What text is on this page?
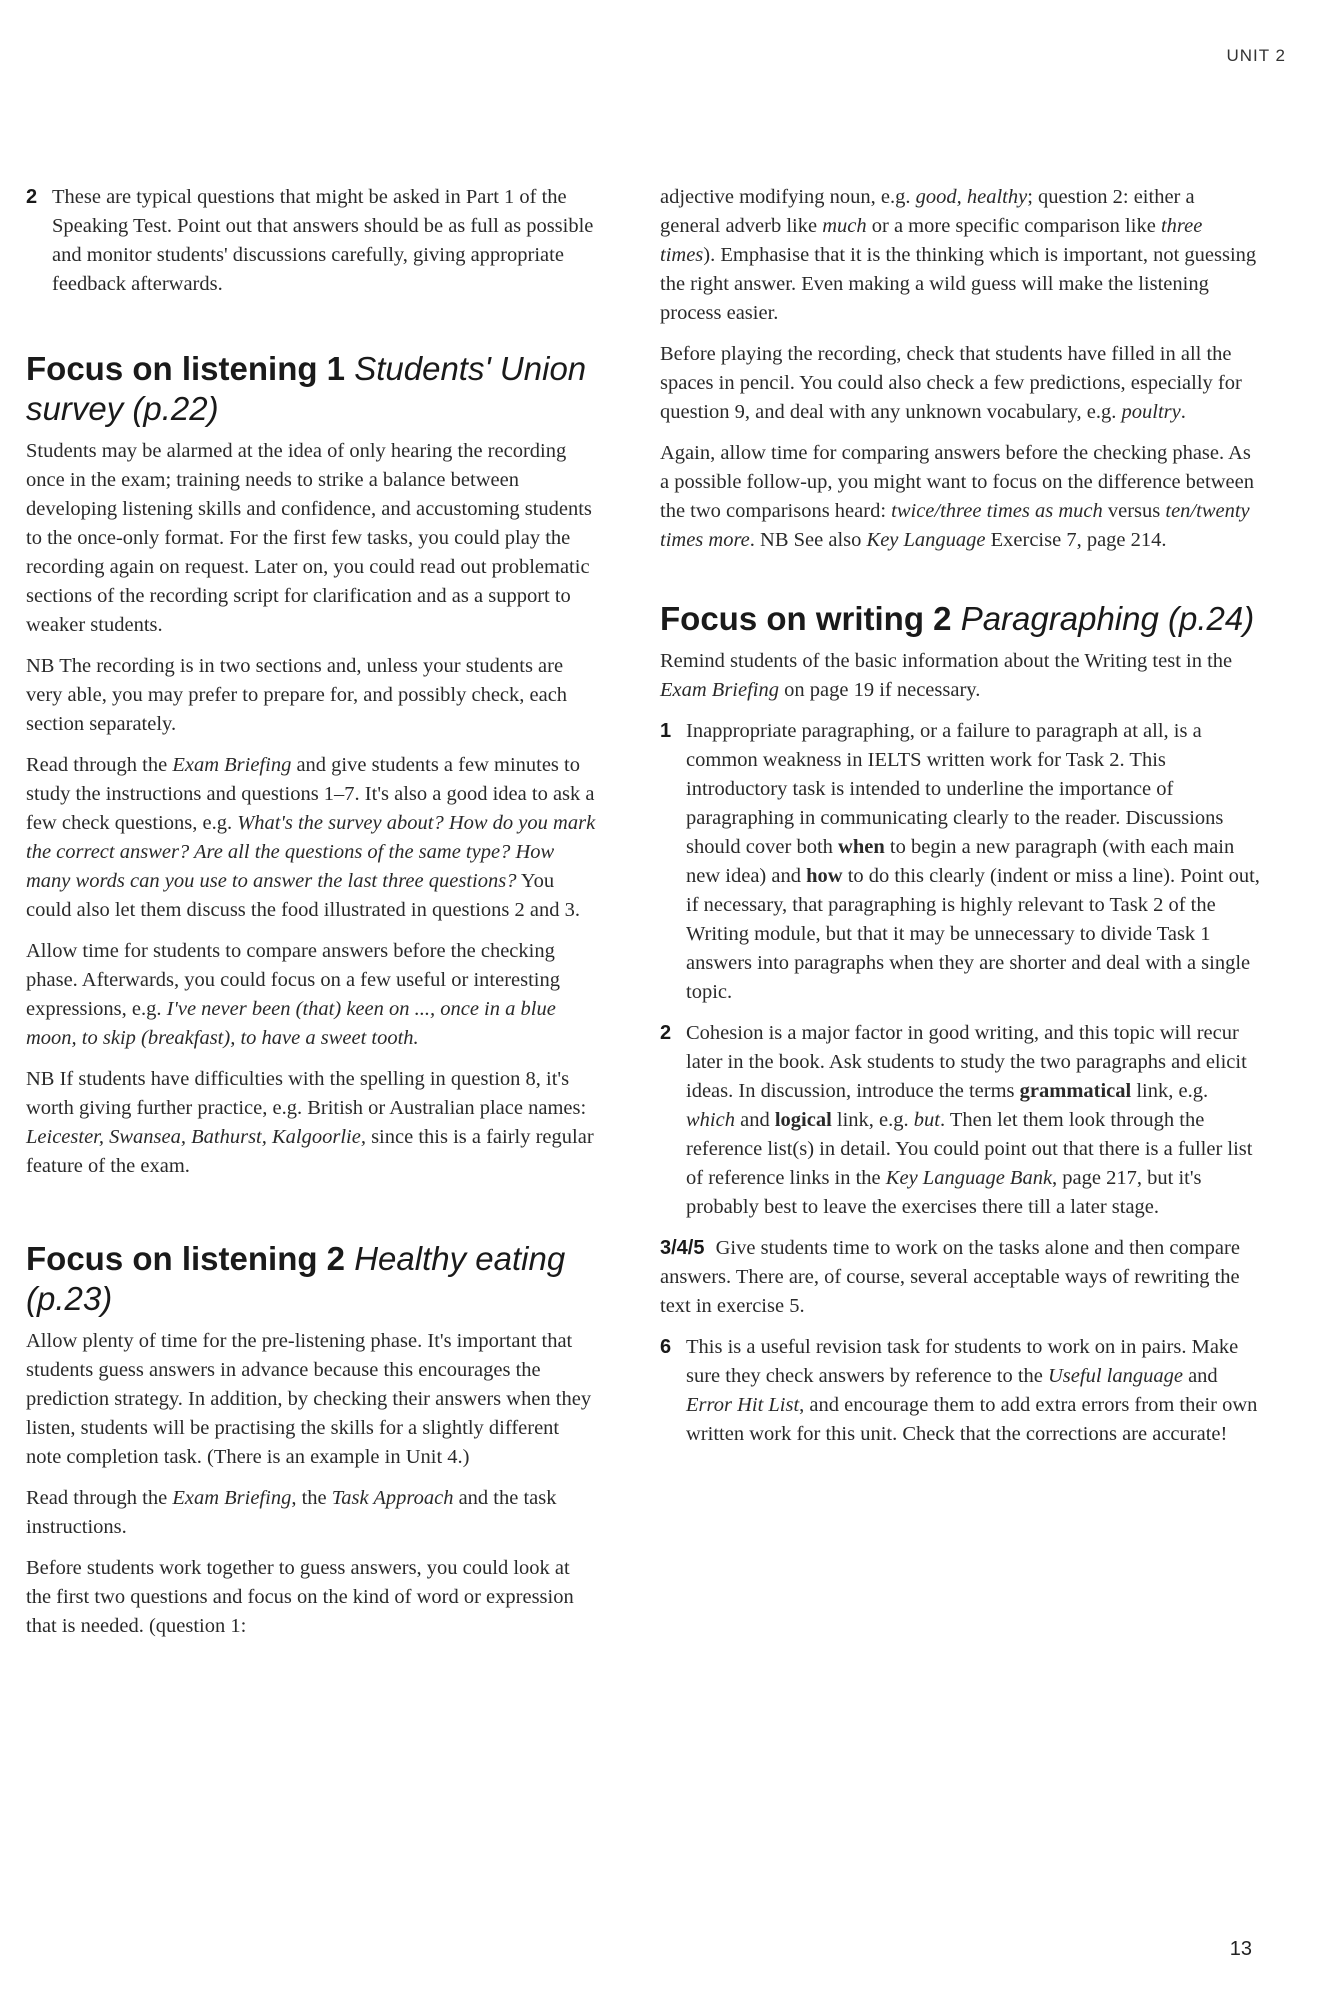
UNIT 2
2 These are typical questions that might be asked in Part 1 of the Speaking Test. Point out that answers should be as full as possible and monitor students' discussions carefully, giving appropriate feedback afterwards.
Focus on listening 1 Students' Union survey (p.22)

Students may be alarmed at the idea of only hearing the recording once in the exam; training needs to strike a balance between developing listening skills and confidence, and accustoming students to the once-only format. For the first few tasks, you could play the recording again on request. Later on, you could read out problematic sections of the recording script for clarification and as a support to weaker students.

NB The recording is in two sections and, unless your students are very able, you may prefer to prepare for, and possibly check, each section separately.

Read through the Exam Briefing and give students a few minutes to study the instructions and questions 1–7. It's also a good idea to ask a few check questions, e.g. What's the survey about? How do you mark the correct answer? Are all the questions of the same type? How many words can you use to answer the last three questions? You could also let them discuss the food illustrated in questions 2 and 3.

Allow time for students to compare answers before the checking phase. Afterwards, you could focus on a few useful or interesting expressions, e.g. I've never been (that) keen on ..., once in a blue moon, to skip (breakfast), to have a sweet tooth.

NB If students have difficulties with the spelling in question 8, it's worth giving further practice, e.g. British or Australian place names: Leicester, Swansea, Bathurst, Kalgoorlie, since this is a fairly regular feature of the exam.

Focus on listening 2 Healthy eating (p.23)

Allow plenty of time for the pre-listening phase. It's important that students guess answers in advance because this encourages the prediction strategy. In addition, by checking their answers when they listen, students will be practising the skills for a slightly different note completion task. (There is an example in Unit 4.)

Read through the Exam Briefing, the Task Approach and the task instructions.

Before students work together to guess answers, you could look at the first two questions and focus on the kind of word or expression that is needed. (question 1:

adjective modifying noun, e.g. good, healthy; question 2: either a general adverb like much or a more specific comparison like three times). Emphasise that it is the thinking which is important, not guessing the right answer. Even making a wild guess will make the listening process easier.

Before playing the recording, check that students have filled in all the spaces in pencil. You could also check a few predictions, especially for question 9, and deal with any unknown vocabulary, e.g. poultry.

Again, allow time for comparing answers before the checking phase. As a possible follow-up, you might want to focus on the difference between the two comparisons heard: twice/three times as much versus ten/twenty times more. NB See also Key Language Exercise 7, page 214.

Focus on writing 2 Paragraphing (p.24)

Remind students of the basic information about the Writing test in the Exam Briefing on page 19 if necessary.

1 Inappropriate paragraphing, or a failure to paragraph at all, is a common weakness in IELTS written work for Task 2. This introductory task is intended to underline the importance of paragraphing in communicating clearly to the reader. Discussions should cover both when to begin a new paragraph (with each main new idea) and how to do this clearly (indent or miss a line). Point out, if necessary, that paragraphing is highly relevant to Task 2 of the Writing module, but that it may be unnecessary to divide Task 1 answers into paragraphs when they are shorter and deal with a single topic.
2 Cohesion is a major factor in good writing, and this topic will recur later in the book. Ask students to study the two paragraphs and elicit ideas. In discussion, introduce the terms grammatical link, e.g. which and logical link, e.g. but. Then let them look through the reference list(s) in detail. You could point out that there is a fuller list of reference links in the Key Language Bank, page 217, but it's probably best to leave the exercises there till a later stage.
3/4/5 Give students time to work on the tasks alone and then compare answers. There are, of course, several acceptable ways of rewriting the text in exercise 5.
6 This is a useful revision task for students to work on in pairs. Make sure they check answers by reference to the Useful language and Error Hit List, and encourage them to add extra errors from their own written work for this unit. Check that the corrections are accurate!
13
